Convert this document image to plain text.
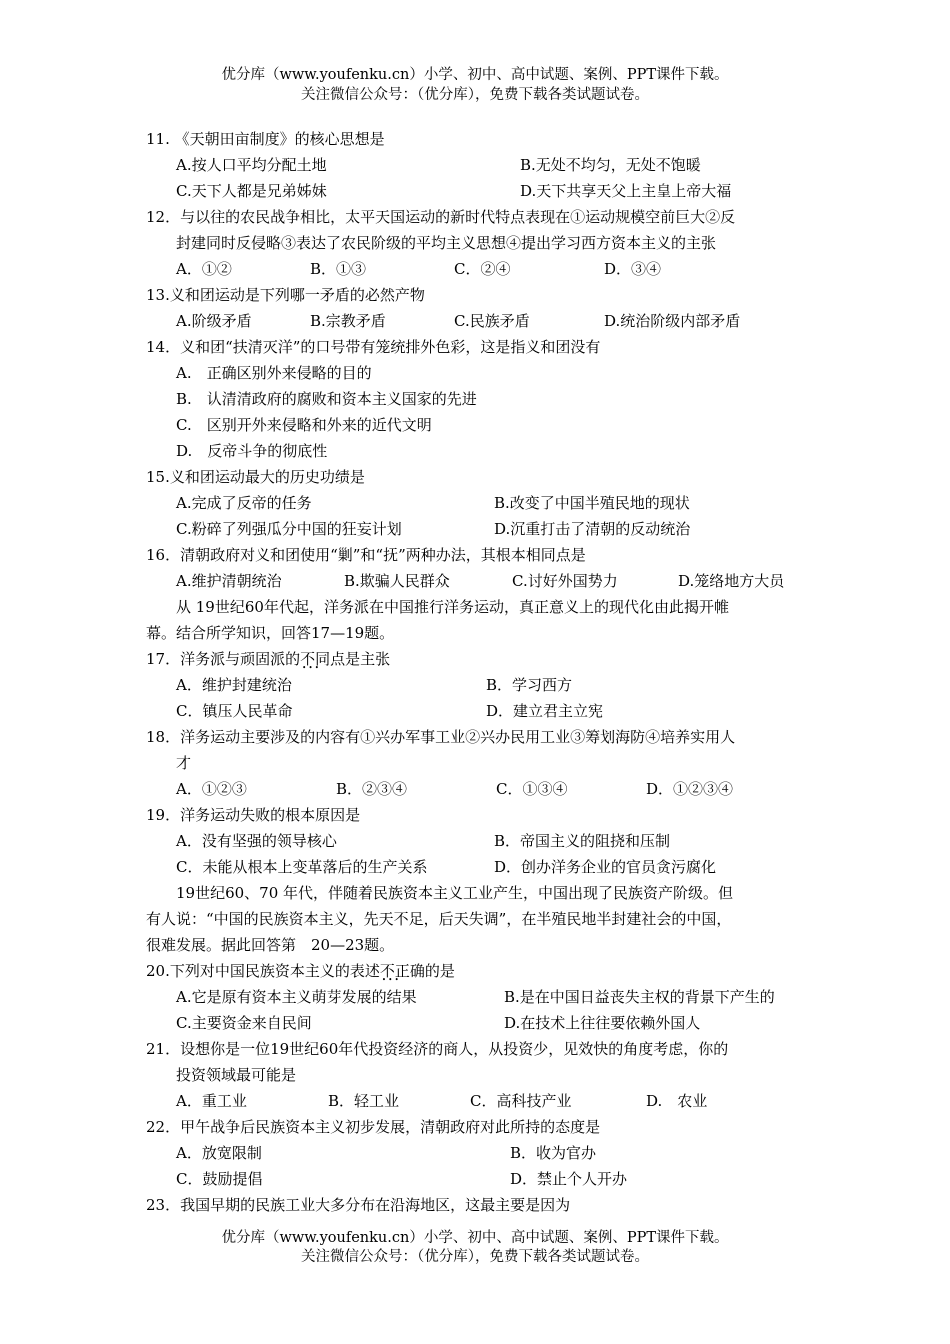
优分库（www.youfenku.cn）小学、初中、高中试题、案例、PPT课件下载。
关注微信公众号：（优分库），免费下载各类试题试卷。
11. 《天朝田亩制度》的核心思想是
A.按人口平均分配土地	B.无处不均匀，无处不饱暖
C.天下人都是兄弟姊妹	D.天下共享天父上主皇上帝大福
12．与以往的农民战争相比，太平天国运动的新时代特点表现在①运动规模空前巨大②反
封建同时反侵略③表达了农民阶级的平均主义思想④提出学习西方资本主义的主张
A．①②	B．①③	C．②④	D．③④
13.义和团运动是下列哪一矛盾的必然产物
A.阶级矛盾	B.宗教矛盾	C.民族矛盾	D.统治阶级内部矛盾
14．义和团“扶清灭洋”的口号带有笼统排外色彩，这是指义和团没有
A.　正确区别外来侵略的目的
B.　认清清政府的腐败和资本主义国家的先进
C.　区别开外来侵略和外来的近代文明
D.　反帝斗争的彻底性
15.义和团运动最大的历史功绩是
A.完成了反帝的任务	B.改变了中国半殖民地的现状
C.粉碎了列强瓜分中国的狂妄计划	D.沉重打击了清朝的反动统治
16．清朝政府对义和团使用“剿”和“抚”两种办法，其根本相同点是
A.维护清朝统治	B.欺骗人民群众	C.讨好外国势力	D.笼络地方大员
从 19世纪60年代起，洋务派在中国推行洋务运动，真正意义上的现代化由此揭开帷
幕。结合所学知识，回答17—19题。
17．洋务派与顽固派的不同点 • • •是主张
A．维护封建统治	B．学习西方
C．镇压人民革命	D．建立君主立宪
18．洋务运动主要涉及的内容有①兴办军事工业②兴办民用工业③筹划海防④培养实用人
才
A．①②③	B．②③④	C．①③④	D．①②③④
19．洋务运动失败的根本原因是
A．没有坚强的领导核心	B．帝国主义的阻挠和压制
C．未能从根本上变革落后的生产关系	D．创办洋务企业的官员贪污腐化
19世纪60、70 年代，伴随着民族资本主义工业产生，中国出现了民族资产阶级。但
有人说：“中国的民族资本主义，先天不足，后天失调”，在半殖民地半封建社会的中国，
很难发展。据此回答第　20—23题。
20.下列对中国民族资本主义的表述不正确 • • •的是
A.它是原有资本主义萌芽发展的结果	B.是在中国日益丧失主权的背景下产生的
C.主要资金来自民间	D.在技术上往往要依赖外国人
21．设想你是一位19世纪60年代投资经济的商人，从投资少，见效快的角度考虑，你的
投资领域最可能是
A．重工业	B．轻工业	C．高科技产业	D.　农业
22．甲午战争后民族资本主义初步发展，清朝政府对此所持的态度是
A．放宽限制	B．收为官办
C．鼓励提倡	D．禁止个人开办
23．我国早期的民族工业大多分布在沿海地区，这最主要是因为
优分库（www.youfenku.cn）小学、初中、高中试题、案例、PPT课件下载。
关注微信公众号：（优分库），免费下载各类试题试卷。
